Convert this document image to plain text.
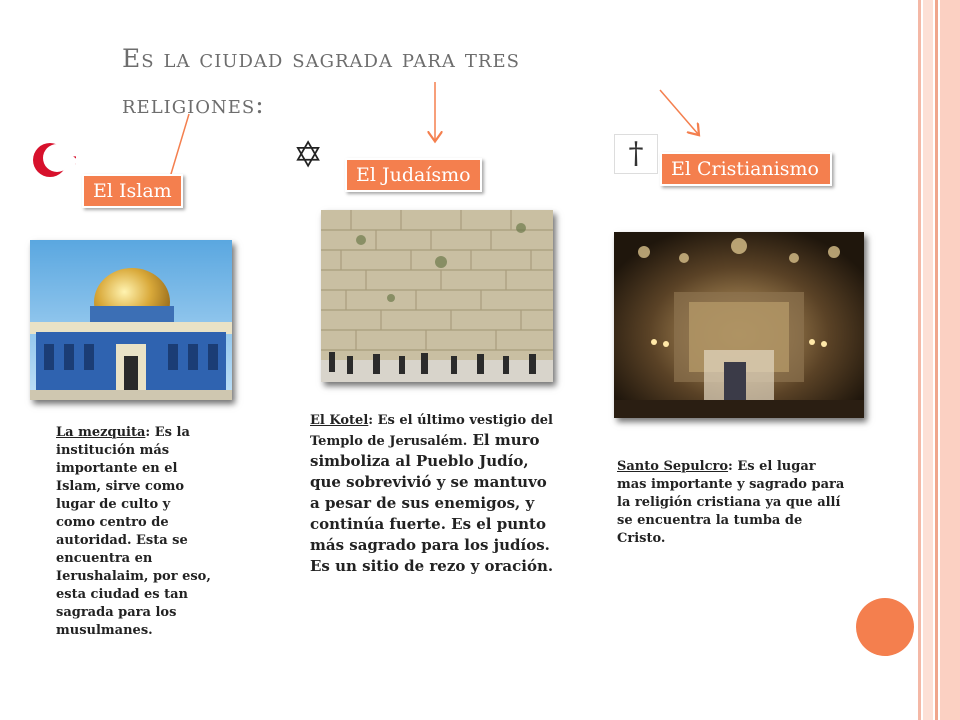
Es la ciudad sagrada para tres
religiones:
El Islam
La mezquita: Es la institución más importante en el Islam, sirve como lugar de culto y como centro de autoridad. Esta se encuentra en Ierushalaim, por eso, esta ciudad es tan sagrada para los musulmanes.
✡	El Judaísmo
El Kotel: Es el último vestigio del Templo de Jerusalém. El muro simboliza al Pueblo Judío, que sobrevivió y se mantuvo a pesar de sus enemigos, y continúa fuerte. Es el punto más sagrado para los judíos. Es un sitio de rezo y oración.
†	El Cristianismo
Santo Sepulcro: Es el lugar mas importante y sagrado para la religión cristiana ya que allí se encuentra la tumba de Cristo.
